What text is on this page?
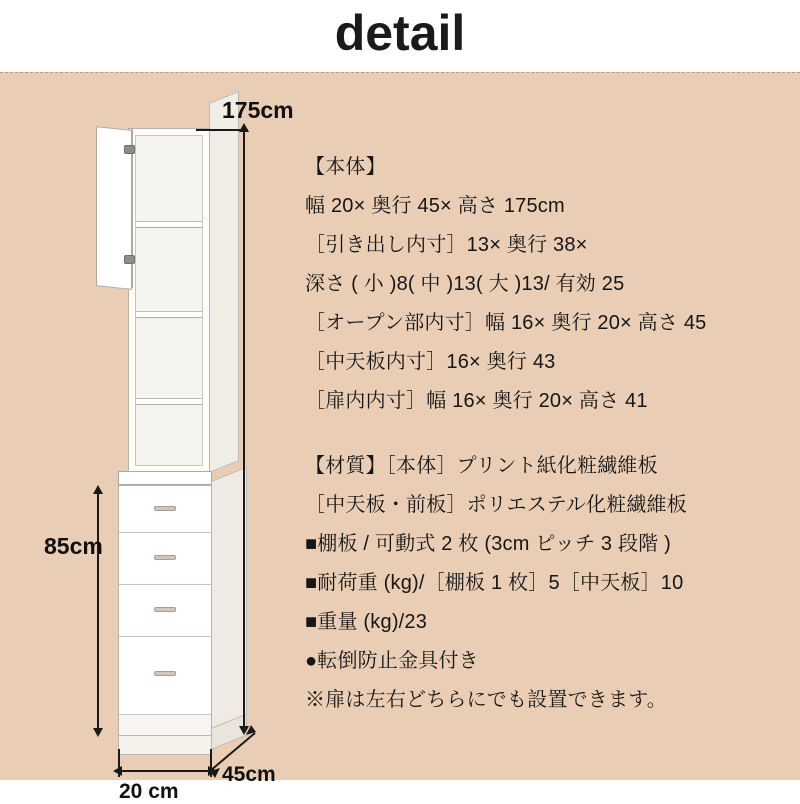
detail
175cm
85cm
20 cm
45cm
【本体】
幅 20× 奥行 45× 高さ 175cm
［引き出し内寸］13× 奥行 38×
深さ ( 小 )8( 中 )13( 大 )13/ 有効 25
［オープン部内寸］幅 16× 奥行 20× 高さ 45
［中天板内寸］16× 奥行 43
［扉内内寸］幅 16× 奥行 20× 高さ 41
【材質】［本体］プリント紙化粧繊維板
［中天板・前板］ポリエステル化粧繊維板
■棚板 / 可動式 2 枚 (3cm ピッチ 3 段階 )
■耐荷重 (kg)/［棚板 1 枚］5［中天板］10
■重量 (kg)/23
●転倒防止金具付き
※扉は左右どちらにでも設置できます。
